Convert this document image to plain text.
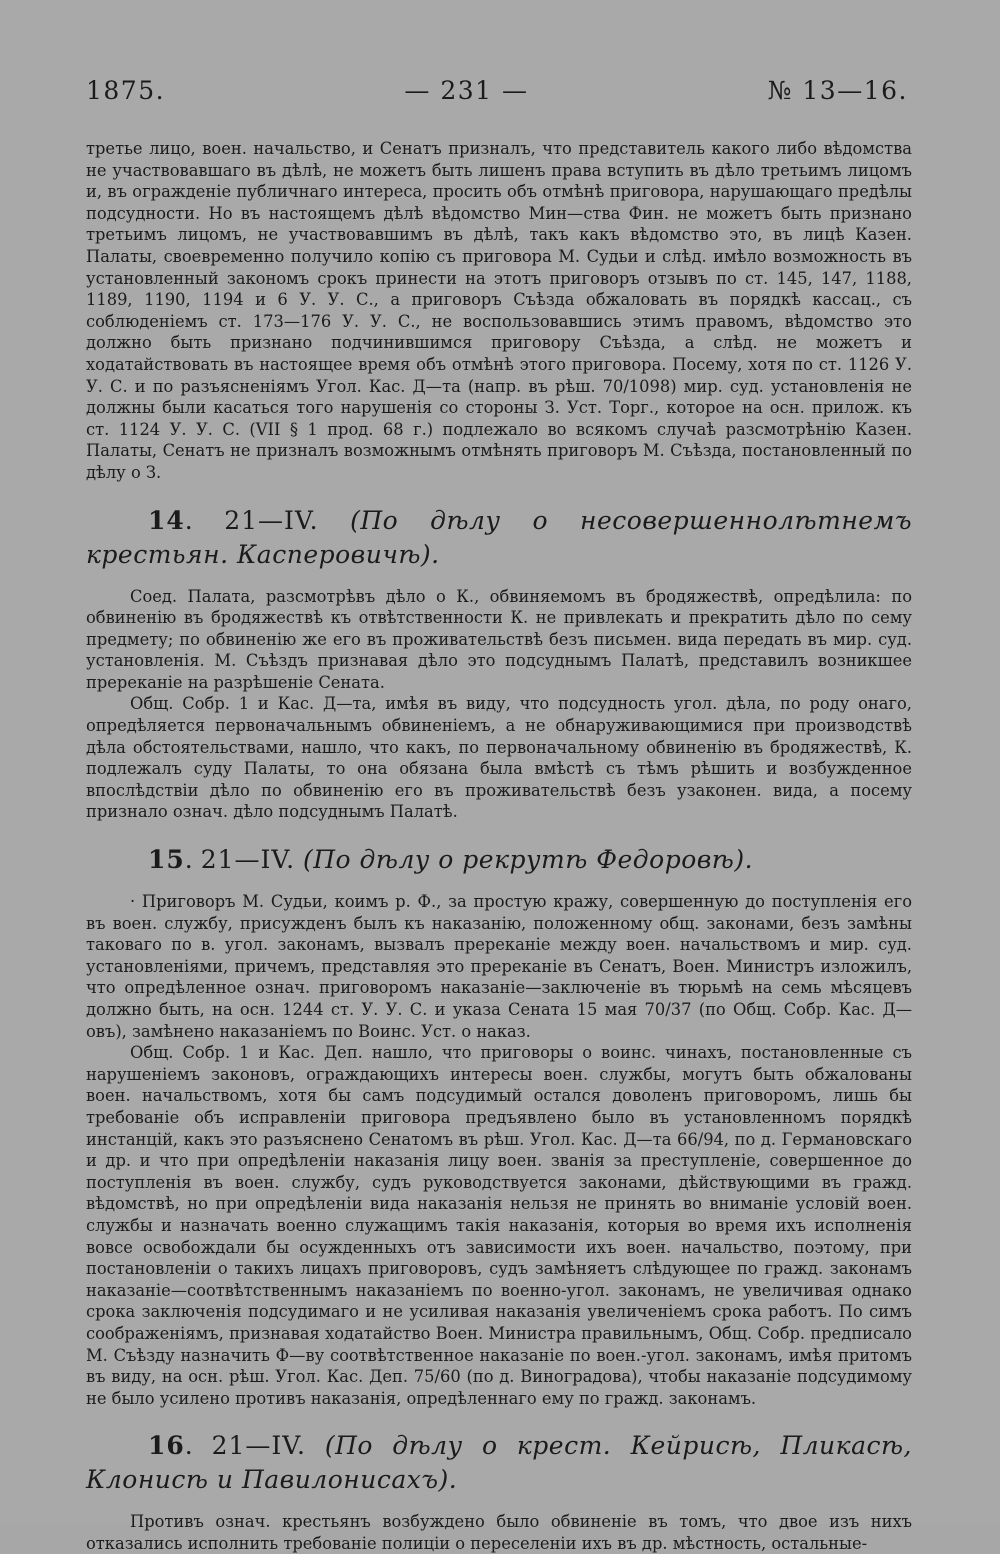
1875.	— 231 —	№ 13—16.

третье лицо, воен. начальство, и Сенатъ призналъ, что представитель какого либо вѣдомства не участвовавшаго въ дѣлѣ, не можетъ быть лишенъ права вступить въ дѣло третьимъ лицомъ и, въ огражденіе публичнаго интереса, просить объ отмѣнѣ приговора, нарушающаго предѣлы подсудности. Но въ настоящемъ дѣлѣ вѣдомство Мин—ства Фин. не можетъ быть признано третьимъ лицомъ, не участвовавшимъ въ дѣлѣ, такъ какъ вѣдомство это, въ лицѣ Казен. Палаты, своевременно получило копію съ приговора М. Судьи и слѣд. имѣло возможность въ установленный закономъ срокъ принести на этотъ приговоръ отзывъ по ст. 145, 147, 1188, 1189, 1190, 1194 и 6 У. У. С., а приговоръ Съѣзда обжаловать въ порядкѣ кассац., съ соблюденіемъ ст. 173—176 У. У. С., не воспользовавшись этимъ правомъ, вѣдомство это должно быть признано подчинившимся приговору Съѣзда, а слѣд. не можетъ и ходатайствовать въ настоящее время объ отмѣнѣ этого приговора. Посему, хотя по ст. 1126 У. У. С. и по разъясненіямъ Угол. Кас. Д—та (напр. въ рѣш. 70/1098) мир. суд. установленія не должны были касаться того нарушенія со стороны З. Уст. Торг., которое на осн. прилож. къ ст. 1124 У. У. С. (VII § 1 прод. 68 г.) подлежало во всякомъ случаѣ разсмотрѣнію Казен. Палаты, Сенатъ не призналъ возможнымъ отмѣнять приговоръ М. Съѣзда, постановленный по дѣлу о З.

14. 21—IV. (По дѣлу о несовершеннолѣтнемъ крестьян. Касперовичѣ).

Соед. Палата, разсмотрѣвъ дѣло о К., обвиняемомъ въ бродяжествѣ, опредѣлила: по обвиненію въ бродяжествѣ къ отвѣтственности К. не привлекать и прекратить дѣло по сему предмету; по обвиненію же его въ проживательствѣ безъ письмен. вида передать въ мир. суд. установленія. М. Съѣздъ признавая дѣло это подсуднымъ Палатѣ, представилъ возникшее пререканіе на разрѣшеніе Сената.

Общ. Собр. 1 и Кас. Д—та, имѣя въ виду, что подсудность угол. дѣла, по роду онаго, опредѣляется первоначальнымъ обвиненіемъ, а не обнаруживающимися при производствѣ дѣла обстоятельствами, нашло, что какъ, по первоначальному обвиненію въ бродяжествѣ, К. подлежалъ суду Палаты, то она обязана была вмѣстѣ съ тѣмъ рѣшить и возбужденное впослѣдствіи дѣло по обвиненію его въ проживательствѣ безъ узаконен. вида, а посему признало означ. дѣло подсуднымъ Палатѣ.

15. 21—IV. (По дѣлу о рекрутѣ Федоровѣ).

· Приговоръ М. Судьи, коимъ р. Ф., за простую кражу, совершенную до поступленія его въ воен. службу, присужденъ былъ къ наказанію, положенному общ. законами, безъ замѣны таковаго по в. угол. законамъ, вызвалъ пререканіе между воен. начальствомъ и мир. суд. установленіями, причемъ, представляя это пререканіе въ Сенатъ, Воен. Министръ изложилъ, что опредѣленное означ. приговоромъ наказаніе—заключеніе въ тюрьмѣ на семь мѣсяцевъ должно быть, на осн. 1244 ст. У. У. С. и указа Сената 15 мая 70/37 (по Общ. Собр. Кас. Д—овъ), замѣнено наказаніемъ по Воинс. Уст. о наказ.

Общ. Собр. 1 и Кас. Деп. нашло, что приговоры о воинс. чинахъ, постановленные съ нарушеніемъ законовъ, ограждающихъ интересы воен. службы, могутъ быть обжалованы воен. начальствомъ, хотя бы самъ подсудимый остался доволенъ приговоромъ, лишь бы требованіе объ исправленіи приговора предъявлено было въ установленномъ порядкѣ инстанцій, какъ это разъяснено Сенатомъ въ рѣш. Угол. Кас. Д—та 66/94, по д. Германовскаго и др. и что при опредѣленіи наказанія лицу воен. званія за преступленіе, совершенное до поступленія въ воен. службу, судъ руководствуется законами, дѣйствующими въ гражд. вѣдомствѣ, но при опредѣленіи вида наказанія нельзя не принять во вниманіе условій воен. службы и назначать военно служащимъ такія наказанія, которыя во время ихъ исполненія вовсе освобождали бы осужденныхъ отъ зависимости ихъ воен. начальство, поэтому, при постановленіи о такихъ лицахъ приговоровъ, судъ замѣняетъ слѣдующее по гражд. законамъ наказаніе—соотвѣтственнымъ наказаніемъ по военно-угол. законамъ, не увеличивая однако срока заключенія подсудимаго и не усиливая наказанія увеличеніемъ срока работъ. По симъ соображеніямъ, признавая ходатайство Воен. Министра правильнымъ, Общ. Собр. предписало М. Съѣзду назначить Ф—ву соотвѣтственное наказаніе по воен.-угол. законамъ, имѣя притомъ въ виду, на осн. рѣш. Угол. Кас. Деп. 75/60 (по д. Виноградова), чтобы наказаніе подсудимому не было усилено противъ наказанія, опредѣленнаго ему по гражд. законамъ.

16. 21—IV. (По дѣлу о крест. Кейрисѣ, Пликасѣ, Клонисѣ и Павилонисахъ).

Противъ означ. крестьянъ возбуждено было обвиненіе въ томъ, что двое изъ нихъ отказались исполнить требованіе полиціи о переселеніи ихъ въ др. мѣстность, остальные-
